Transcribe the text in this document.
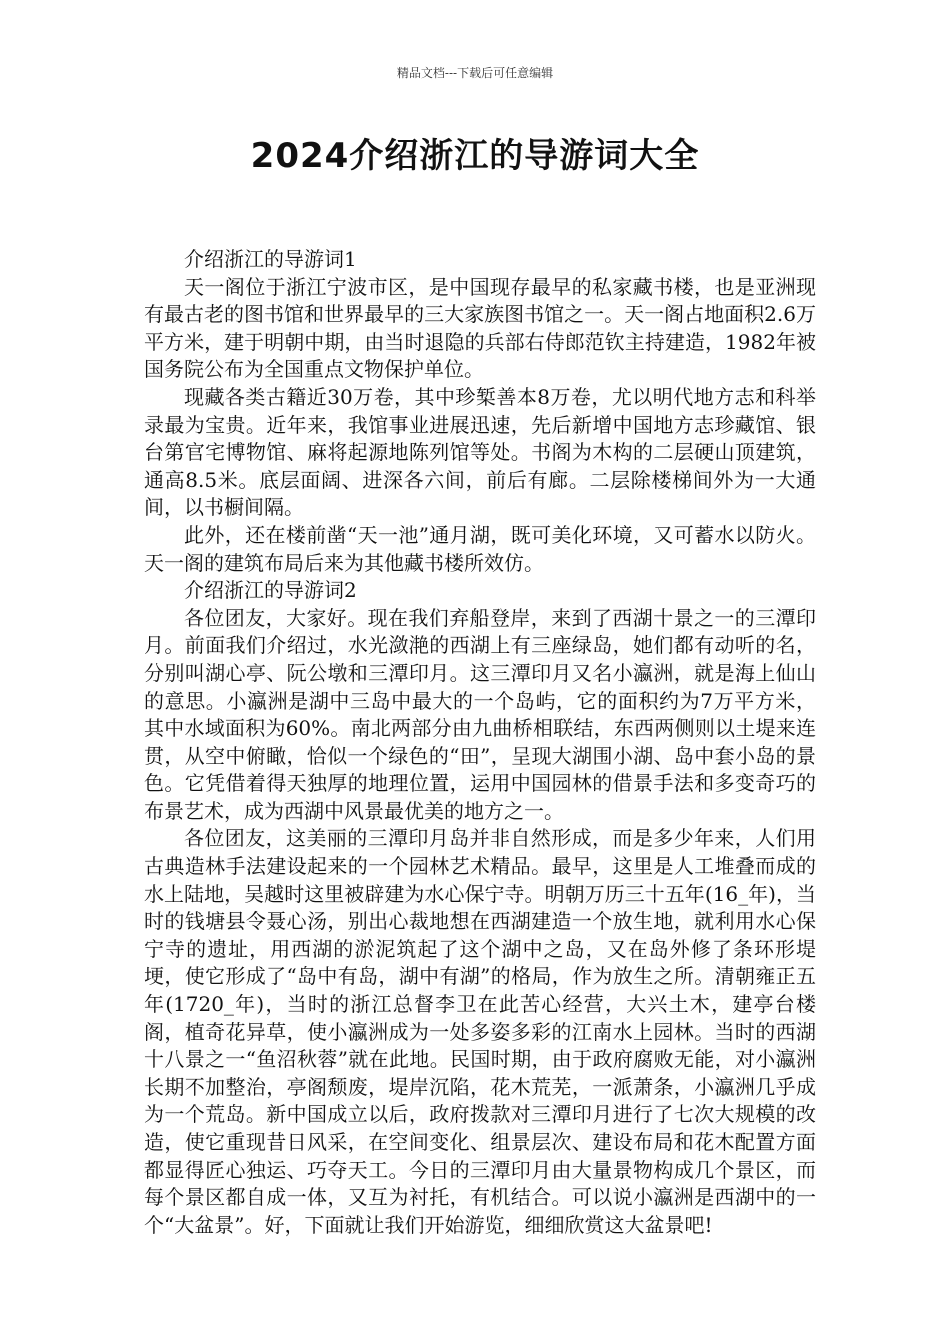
精品文档---下载后可任意编辑
2024介绍浙江的导游词大全

介绍浙江的导游词1

天一阁位于浙江宁波市区，是中国现存最早的私家藏书楼，也是亚洲现有最古老的图书馆和世界最早的三大家族图书馆之一。天一阁占地面积2.6万平方米，建于明朝中期，由当时退隐的兵部右侍郎范钦主持建造，1982年被国务院公布为全国重点文物保护单位。

现藏各类古籍近30万卷，其中珍椠善本8万卷，尤以明代地方志和科举录最为宝贵。近年来，我馆事业进展迅速，先后新增中国地方志珍藏馆、银台第官宅博物馆、麻将起源地陈列馆等处。书阁为木构的二层硬山顶建筑，通高8.5米。底层面阔、进深各六间，前后有廊。二层除楼梯间外为一大通间，以书橱间隔。

此外，还在楼前凿“天一池”通月湖，既可美化环境，又可蓄水以防火。天一阁的建筑布局后来为其他藏书楼所效仿。

介绍浙江的导游词2

各位团友，大家好。现在我们弃船登岸，来到了西湖十景之一的三潭印月。前面我们介绍过，水光潋滟的西湖上有三座绿岛，她们都有动听的名，分别叫湖心亭、阮公墩和三潭印月。这三潭印月又名小瀛洲，就是海上仙山的意思。小瀛洲是湖中三岛中最大的一个岛屿，它的面积约为7万平方米，其中水域面积为60%。南北两部分由九曲桥相联结，东西两侧则以土堤来连贯，从空中俯瞰，恰似一个绿色的“田”，呈现大湖围小湖、岛中套小岛的景色。它凭借着得天独厚的地理位置，运用中国园林的借景手法和多变奇巧的布景艺术，成为西湖中风景最优美的地方之一。

各位团友，这美丽的三潭印月岛并非自然形成，而是多少年来，人们用古典造林手法建设起来的一个园林艺术精品。最早，这里是人工堆叠而成的水上陆地，吴越时这里被辟建为水心保宁寺。明朝万历三十五年(16_年)，当时的钱塘县令聂心汤，别出心裁地想在西湖建造一个放生地，就利用水心保宁寺的遗址，用西湖的淤泥筑起了这个湖中之岛，又在岛外修了条环形堤埂，使它形成了“岛中有岛，湖中有湖”的格局，作为放生之所。清朝雍正五年(1720_年)，当时的浙江总督李卫在此苦心经营，大兴土木，建亭台楼阁，植奇花异草，使小瀛洲成为一处多姿多彩的江南水上园林。当时的西湖十八景之一“鱼沼秋蓉”就在此地。民国时期，由于政府腐败无能，对小瀛洲长期不加整治，亭阁颓废，堤岸沉陷，花木荒芜，一派萧条，小瀛洲几乎成为一个荒岛。新中国成立以后，政府拨款对三潭印月进行了七次大规模的改造，使它重现昔日风采，在空间变化、组景层次、建设布局和花木配置方面都显得匠心独运、巧夺天工。今日的三潭印月由大量景物构成几个景区，而每个景区都自成一体，又互为衬托，有机结合。可以说小瀛洲是西湖中的一个“大盆景”。好，下面就让我们开始游览，细细欣赏这大盆景吧!
